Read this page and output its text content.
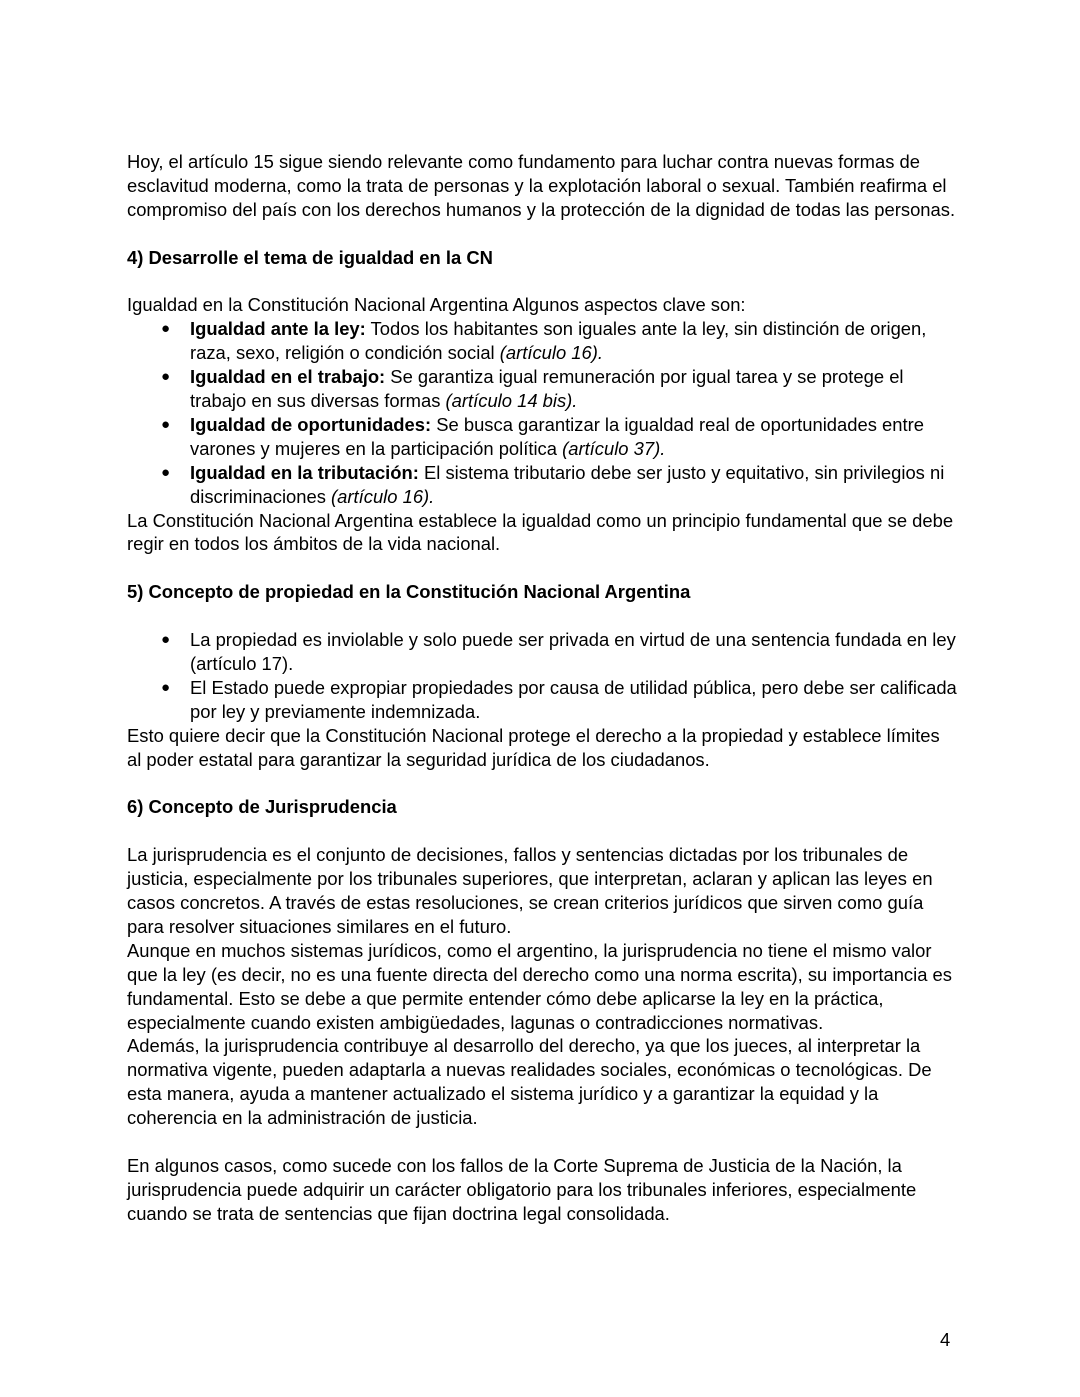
Hoy, el artículo 15 sigue siendo relevante como fundamento para luchar contra nuevas formas de esclavitud moderna, como la trata de personas y la explotación laboral o sexual. También reafirma el compromiso del país con los derechos humanos y la protección de la dignidad de todas las personas.

4) Desarrolle el tema de igualdad en la CN

Igualdad en la Constitución Nacional Argentina Algunos aspectos clave son:

● Igualdad ante la ley: Todos los habitantes son iguales ante la ley, sin distinción de origen, raza, sexo, religión o condición social (artículo 16).
● Igualdad en el trabajo: Se garantiza igual remuneración por igual tarea y se protege el trabajo en sus diversas formas (artículo 14 bis).
● Igualdad de oportunidades: Se busca garantizar la igualdad real de oportunidades entre varones y mujeres en la participación política (artículo 37).
● Igualdad en la tributación: El sistema tributario debe ser justo y equitativo, sin privilegios ni discriminaciones (artículo 16).

La Constitución Nacional Argentina establece la igualdad como un principio fundamental que se debe regir en todos los ámbitos de la vida nacional.

5) Concepto de propiedad en la Constitución Nacional Argentina
● La propiedad es inviolable y solo puede ser privada en virtud de una sentencia fundada en ley (artículo 17).
● El Estado puede expropiar propiedades por causa de utilidad pública, pero debe ser calificada por ley y previamente indemnizada.

Esto quiere decir que la Constitución Nacional protege el derecho a la propiedad y establece límites al poder estatal para garantizar la seguridad jurídica de los ciudadanos.

6) Concepto de Jurisprudencia

La jurisprudencia es el conjunto de decisiones, fallos y sentencias dictadas por los tribunales de justicia, especialmente por los tribunales superiores, que interpretan, aclaran y aplican las leyes en casos concretos. A través de estas resoluciones, se crean criterios jurídicos que sirven como guía para resolver situaciones similares en el futuro.

Aunque en muchos sistemas jurídicos, como el argentino, la jurisprudencia no tiene el mismo valor que la ley (es decir, no es una fuente directa del derecho como una norma escrita), su importancia es fundamental. Esto se debe a que permite entender cómo debe aplicarse la ley en la práctica, especialmente cuando existen ambigüedades, lagunas o contradicciones normativas.

Además, la jurisprudencia contribuye al desarrollo del derecho, ya que los jueces, al interpretar la normativa vigente, pueden adaptarla a nuevas realidades sociales, económicas o tecnológicas. De esta manera, ayuda a mantener actualizado el sistema jurídico y a garantizar la equidad y la coherencia en la administración de justicia.

En algunos casos, como sucede con los fallos de la Corte Suprema de Justicia de la Nación, la jurisprudencia puede adquirir un carácter obligatorio para los tribunales inferiores, especialmente cuando se trata de sentencias que fijan doctrina legal consolidada.

4
